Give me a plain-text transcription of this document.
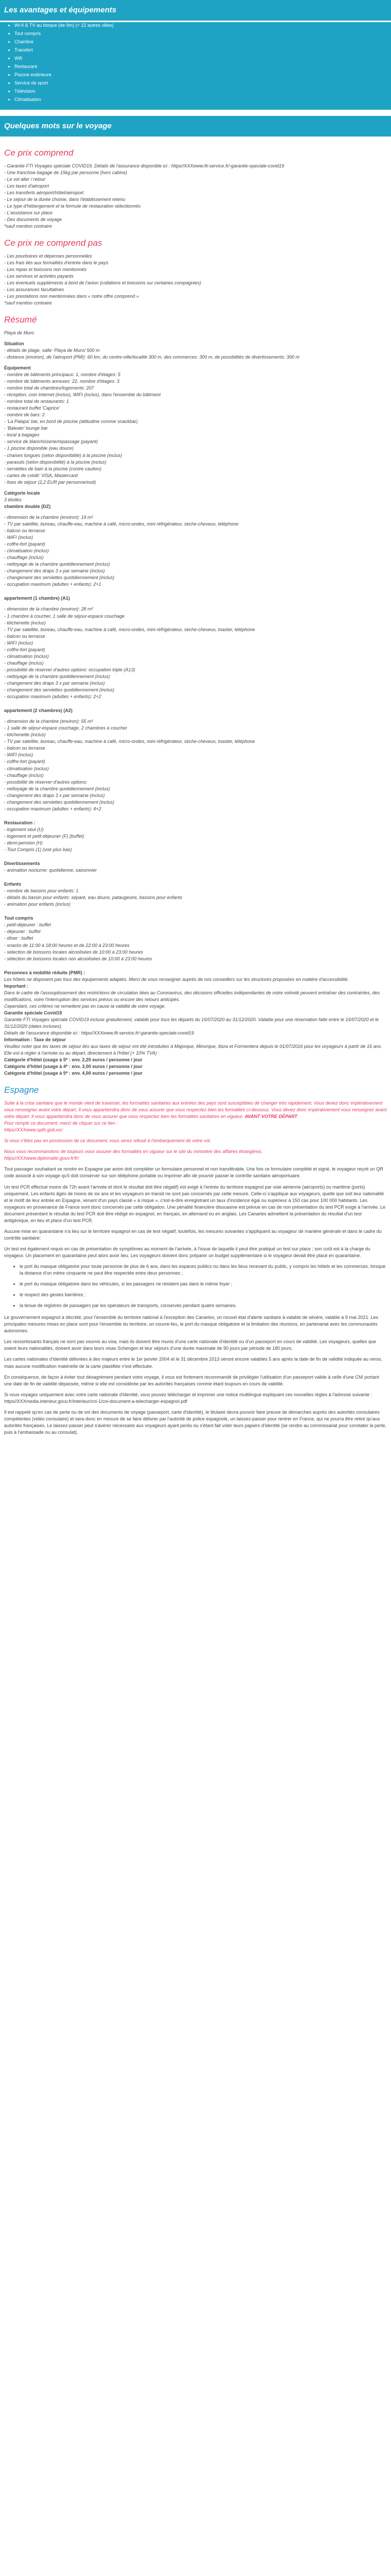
Les avantages et équipements
• Wi-fi & TV au bloque (de 9m) (+ 22 autres villes)
• Tout compris
• Chambre
• Transfert
• Wifi
• Restaurant
• Piscine extérieure
• Service de sport
• Télévision
• Climatisation
Quelques mots sur le voyage
Ce prix comprend

- Garantie FTI Voyages spéciale COVID19. Détails de l'assurance disponible ici : https//XXXwww.fti-service.fr/-garantie-speciale-covid19

- Une franchise bagage de 15kg par personne (hors cabine)

- Le vol aller / retour

- Les taxes d'aéroport

- Les transferts aéroport/hôtel/aéroport

- Le séjour de la durée choisie, dans l'établissement retenu

- Le type d'hébergement et la formule de restauration sélectionnés

- L'assistance sur place

- Des documents de voyage

*sauf mention contraire

Ce prix ne comprend pas

- Les pourboires et dépenses personnelles

- Les frais liés aux formalités d'entrée dans le pays

- Les repas et boissons non mentionnés

- Les services et activités payants

- Les éventuels suppléments à bord de l'avion (collations et boissons sur certaines compagnies)

- Les assurances facultatives

- Les prestations non mentionnées dans « notre offre comprend »

*sauf mention contraire

Résumé

Playa de Muro

Situation

- détails de plage, salle: Playa de Muro/ 500 m

- distance (environ), de l'aéroport (PMI): 60 km, du centre-ville/localité 300 m, des commerces: 300 m, de possibilités de divertissements: 300 m

Équipement

- nombre de bâtiments principaux: 1, nombre d'étages: 5

- nombre de bâtiments annexes: 22, nombre d'étages: 3

- nombre total de chambres/logements: 207

- réception, coin Internet (inclus), WIFI (inclus), dans l'ensemble du bâtiment

- nombre total de restaurants: 1

- restaurant buffet 'Caprice'

- nombre de bars: 2

- 'La Palapa' bar, en bord de piscine (attitudine comme snackbar)

- 'Baleato' lounge bar

- local à bagages

- service de blanchisserie/repassage (payant)

- 1 piscine disponible (eau douce)

- chaises longues (selon disponibilité) à la piscine (inclus)

- parasols (selon disponibilité) à la piscine (inclus)

- serviettes de bain à la piscine (contre caution)

- cartes de crédit: VISA, Mastercard

- lises de séjour (2,2 EUR par personne/nuit)

Catégorie locale

3 étoiles

chambre double (DZ)

- dimension de la chambre (environ): 19 m²

- TV par satellite, bureau, chauffe-eau, machine à café, micro-ondes, mini réfrigérateur, sèche-cheveux, téléphone

- balcon ou terrasse

- WIFI (inclus)

- coffre-fort (payant)

- climatisation (inclus)

- chauffage (inclus)

- nettoyage de la chambre quotidiennement (inclus)

- changement des draps 3 x par semaine (inclus)

- changement des serviettes quotidiennement (inclus)

- occupation maximum (adultes + enfants): 2+1

appartement (1 chambre) (A1)

- dimension de la chambre (environ): 28 m²

- 1 chambre à coucher, 1 salle de séjour-espace couchage

- kitchenette (inclus)

- TV par satellite, bureau, chauffe-eau, machine à café, micro-ondes, mini réfrigérateur, sèche-cheveux, toaster, téléphone

- balcon ou terrasse

- WIFI (inclus)

- coffre-fort (payant)

- climatisation (inclus)

- chauffage (inclus)

- possibilité de réserver d'autres options: occupation triple (A13)

- nettoyage de la chambre quotidiennement (inclus)

- changement des draps 3 x par semaine (inclus)

- changement des serviettes quotidiennement (inclus)

- occupation maximum (adultes + enfants): 2+2

appartement (2 chambres) (A2)

- dimension de la chambre (environ): 55 m²

- 1 salle de séjour-espace couchage, 2 chambres à coucher

- kitchenette (inclus)

- TV par satellite, bureau, chauffe-eau, machine à café, micro-ondes, mini réfrigérateur, sèche-cheveux, toaster, téléphone

- balcon ou terrasse

- WIFI (inclus)

- coffre-fort (payant)

- climatisation (inclus)

- chauffage (inclus)

- possibilité de réserver d'autres options:

- nettoyage de la chambre quotidiennement (inclus)

- changement des draps 3 x par semaine (inclus)

- changement des serviettes quotidiennement (inclus)

- occupation maximum (adultes + enfants): 4+2

Restauration :

- logement seul (U)

- logement et petit-déjeuner (F) (buffet)

- demi-pension (H)

- Tout Compris (1) (voir plus bas)

Divertissements

- animation nocturne: quotidienne, saisonnier

Enfants

- nombre de bassins pour enfants: 1

- détails du bassin pour enfants: séparé, eau douce, pataugeoire, bassins pour enfants

- animation pour enfants (inclus)

Tout compris

- petit-déjeuner : buffet

- déjeuner : buffet

- dîner : buffet

- snacks de 11:00 à 18:00 heures et de 22:00 à 23:00 heures

- sélection de boissons locales alcoolisées de 10:00 à 23:00 heures

- sélection de boissons locales non alcoolisées de 10:00 à 23:00 heures

Personnes à mobilité réduite (PMR) :

Les hôtels ne disposent pas tous des équipements adaptés. Merci de vous renseigner auprès de nos conseillers sur les structures proposées en matière d'accessibilité.

Important :

Dans le cadre de l'assouplissement des restrictions de circulation liées au Coronavirus, des décisions officielles indépendantes de notre volonté peuvent entraîner des contraintes, des modifications, voire l'interruption des services prévus ou encore des retours anticipés.

Cependant, ces critères ne remettent pas en cause la validité de votre voyage.

Garantie spéciale Covid19

Garantie FTI Voyages spéciale COVID19 incluse gratuitement, valable pour tous les départs du 15/07/2020 au 31/12/2020. Valable pour une réservation faite entre le 15/07/2020 et le 31/12/2020 (dates incluses).

Détails de l'assurance disponible ici : https//XXXwww.fti-service.fr/-garantie-speciale-covid19

Information : Taxe de séjour

Veuillez noter que les taxes de séjour liés aux taxes de séjour ont été introduites à Majorque, Minorque, Ibiza et Formentera depuis le 01/07/2016 pour les voyageurs à partir de 16 ans. Elle est à régler à l'arrivée ou au départ, directement à l'hôtel (+ 10% TVA) :

Catégorie d'hôtel (usage à 5* : env. 2,20 euros / personne / jour

Catégorie d'hôtel (usage à 4* : env. 3,00 euros / personne / jour

Catégorie d'hôtel (usage à 5* : env. 4,00 euros / personne / jour

Espagne

Suite à la crise sanitaire que le monde vient de traverser, les formalités sanitaires aux entrées des pays sont susceptibles de changer très rapidement. Vous devez donc impérativement vous renseigner avant votre départ. Il vous appartiendra donc de vous assurer que vous respectez bien les formalités ci-dessous. Vous devez donc impérativement vous renseigner avant votre départ. Il vous appartiendra donc de vous assurer que vous respectez bien les formalités sanitaires en vigueur. AVANT VOTRE DÉPART
Pour remplir ce document, merci de cliquer sur ce lien :
https//XXXwww.spth.gob.es/

Si vous n'êtes pas en possession de ce document, vous serez refusé à l'embarquement de votre vol.

Nous vous recommandons de toujours vous assurer des formalités en vigueur sur le site du ministère des affaires étrangères.
https//XXXwww.diplomatie.gouv.fr/fr/

Tout passager souhaitant se rendre en Espagne par avion doit compléter un formulaire personnel et non transférable. Une fois ce formulaire complété et signé, le voyageur reçoit un QR code associé à son voyage qu'il doit conserver sur son téléphone portable ou imprimer afin de pouvoir passer le contrôle sanitaire aéroportuaire.

Un test PCR effectué moins de 72h avant l'arrivée et dont le résultat doit être négatif) est exigé à l'entrée du territoire espagnol par voie aérienne (aéroports) ou maritime (ports) uniquement. Les enfants âgés de moins de six ans et les voyageurs en transit ne sont pas concernés par cette mesure. Celle-ci s'applique aux voyageurs, quelle que soit leur nationalité et le motif de leur entrée en Espagne, venant d'un pays classé « à risque », c'est-à-dire enregistrant un taux d'incidence égal ou supérieur à 150 cas pour 100 000 habitants. Les voyageurs en provenance de France sont donc concernés par cette obligation. Une pénalité financière dissuasive est prévue en cas de non présentation du test PCR exigé à l'arrivée. Le document présentant le résultat du test PCR doit être rédigé en espagnol, en français, en allemand ou en anglais. Les Canaries admettent la présentation du résultat d'un test antigénique, en lieu et place d'un test PCR.

Aucune mise en quarantaine n'a lieu sur le territoire espagnol en cas de test négatif, toutefois, les mesures suivantes s'appliquent au voyageur de manière générale et dans le cadre du contrôle sanitaire:

Un test est également requis en cas de présentation de symptômes au moment de l'arrivée, à l'issue de laquelle il peut être pratiqué un test sur place ; son coût est à la charge du voyageur. Un placement en quarantaine peut alors avoir lieu. Les voyageurs doivent donc préparer un budget supplémentaire si le voyageur devait être placé en quarantaine.

• le port du masque obligatoire pour toute personne de plus de 6 ans, dans les espaces publics ou dans les lieux recevant du public, y compris les hôtels et les commerces, lorsque la distance d'un mètre cinquante ne peut être respectée entre deux personnes ;
• le port du masque obligatoire dans les véhicules, si les passagers ne résident pas dans le même foyer ;
• le respect des gestes barrières ;
• la tenue de registres de passagers par les opérateurs de transports, conservés pendant quatre semaines.

Le gouvernement espagnol a décrété, pour l'ensemble du territoire national à l'exception des Canaries, un nouvel état d'alerte sanitaire à valable de sévère, valable à 9 mai 2021. Les principales mesures mises en place sont pour l'ensemble du territoire, un couvre-feu, le port du masque obligatoire et la limitation des réunions, en partenariat avec les communautés autonomes.

Les ressortissants français ne sont pas soumis au visa, mais ils doivent être munis d'une carte nationale d'identité ou d'un passeport en cours de validité. Les voyageurs, quelles que soient leurs nationalités, doivent avoir dans leurs visas Schengen et leur séjours d'une durée maximale de 90 jours par période de 180 jours.

Les cartes nationales d'identité délivrées à des majeurs entre le 1er janvier 2004 et le 31 décembre 2013 seront encore valables 5 ans après la date de fin de validité indiquée au verso, mais aucune modification matérielle de la carte plastifiée n'est effectuée.

En conséquence, de façon à éviter tout désagrément pendant votre voyage, il vous est fortement recommandé de privilégier l'utilisation d'un passeport valide à celle d'une CNI portant une date de fin de validité dépassée, même si elle est considérée par les autorités françaises comme étant toujours en cours de validité.

Si vous voyagez uniquement avec votre carte nationale d'identité, vous pouvez télécharger et imprimer une notice multilingue expliquant ces nouvelles règles à l'adresse suivante : https//XXXmedia.interieur.gouv.fr/interieur/cni-1/cni-document-a-telecharger-espagnol.pdf

Il est rappelé qu'en cas de perte ou de vol des documents de voyage (passeport, carte d'identité), le titulaire devra pouvoir faire preuve de démarches auprès des autorités consulaires compétentes (vidéo consulaire) et sera donc en mesure de se faire délivrer par l'autorité de police espagnole, un laissez-passer pour rentrer en France, qui ne pourra être retiré qu'aux autorités françaises. Le laissez-passer peut s'avérer nécessaire aux voyageurs ayant perdu ou s'étant fait voler leurs papiers d'identité (se rendre au commissariat pour constater la perte, puis à l'ambassade ou au consulat).
